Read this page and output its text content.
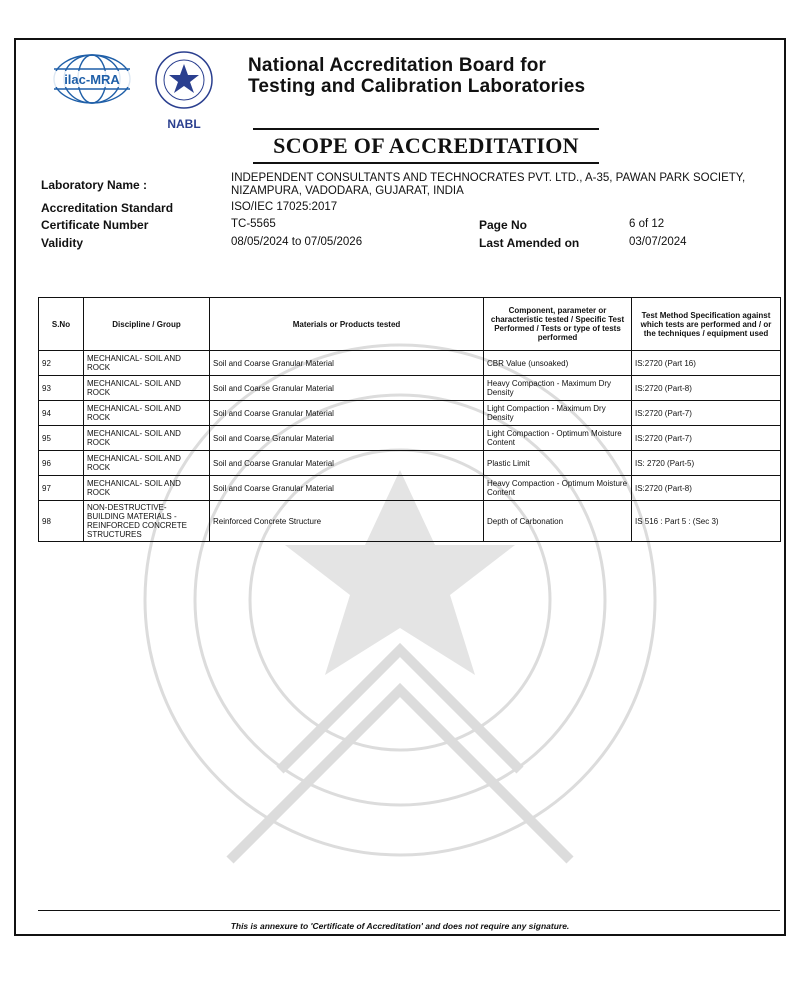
ilac-MRA
NABL
National Accreditation Board for
Testing and Calibration Laboratories
SCOPE OF ACCREDITATION
Laboratory Name :	INDEPENDENT CONSULTANTS AND TECHNOCRATES PVT. LTD., A-35, PAWAN PARK SOCIETY,
NIZAMPURA, VADODARA, GUJARAT, INDIA
Accreditation Standard	ISO/IEC 17025:2017
Certificate Number	TC-5565	Page No	6 of 12
Validity	08/05/2024 to 07/05/2026	Last Amended on	03/07/2024
S.No	Discipline / Group	Materials or Products tested	Component, parameter or characteristic tested / Specific Test Performed / Tests or type of tests performed	Test Method Specification against which tests are performed and / or the techniques / equipment used
92	MECHANICAL- SOIL AND ROCK	Soil and Coarse Granular Material	CBR Value (unsoaked)	IS:2720 (Part 16)
93	MECHANICAL- SOIL AND ROCK	Soil and Coarse Granular Material	Heavy Compaction - Maximum Dry Density	IS:2720 (Part-8)
94	MECHANICAL- SOIL AND ROCK	Soil and Coarse Granular Material	Light Compaction - Maximum Dry Density	IS:2720 (Part-7)
95	MECHANICAL- SOIL AND ROCK	Soil and Coarse Granular Material	Light Compaction - Optimum Moisture Content	IS:2720 (Part-7)
96	MECHANICAL- SOIL AND ROCK	Soil and Coarse Granular Material	Plastic Limit	IS: 2720 (Part-5)
97	MECHANICAL- SOIL AND ROCK	Soil and Coarse Granular Material	Heavy Compaction - Optimum Moisture Content	IS:2720 (Part-8)
98	NON-DESTRUCTIVE- BUILDING MATERIALS - REINFORCED CONCRETE STRUCTURES	Reinforced Concrete Structure	Depth of Carbonation	IS 516 : Part 5 : (Sec 3)
This is annexure to 'Certificate of Accreditation' and does not require any signature.
